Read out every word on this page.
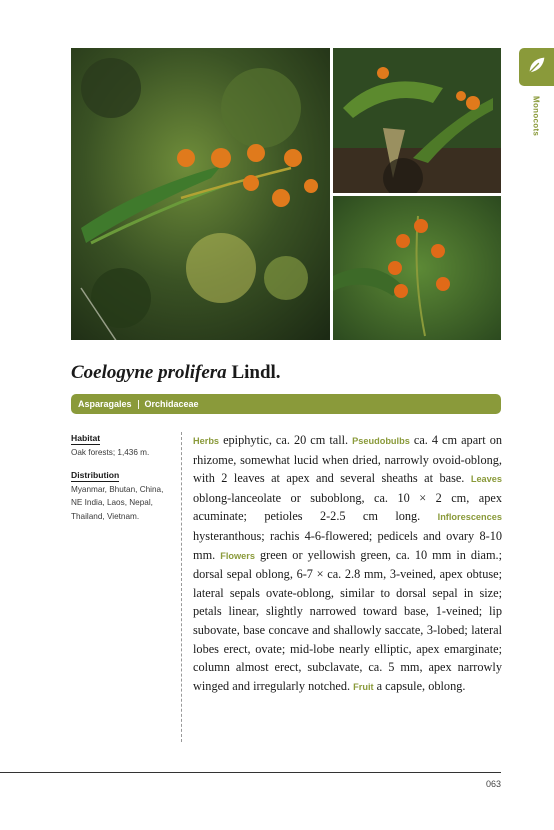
Monocots
Coelogyne prolifera Lindl.
Asparagales Orchidaceae
Habitat
Oak forests; 1,436 m.
Distribution
Myanmar, Bhutan, China, NE India, Laos, Nepal, Thailand, Vietnam.

Herbs epiphytic, ca. 20 cm tall. Pseudobulbs ca. 4 cm apart on rhizome, somewhat lucid when dried, narrowly ovoid-oblong, with 2 leaves at apex and several sheaths at base. Leaves oblong-lanceolate or suboblong, ca. 10 × 2 cm, apex acuminate; petioles 2-2.5 cm long. Inflorescences hysteranthous; rachis 4-6-flowered; pedicels and ovary 8-10 mm. Flowers green or yellowish green, ca. 10 mm in diam.; dorsal sepal oblong, 6-7 × ca. 2.8 mm, 3-veined, apex obtuse; lateral sepals ovate-oblong, similar to dorsal sepal in size; petals linear, slightly narrowed toward base, 1-veined; lip subovate, base concave and shallowly saccate, 3-lobed; lateral lobes erect, ovate; mid-lobe nearly elliptic, apex emarginate; column almost erect, subclavate, ca. 5 mm, apex narrowly winged and irregularly notched. Fruit a capsule, oblong.

063
